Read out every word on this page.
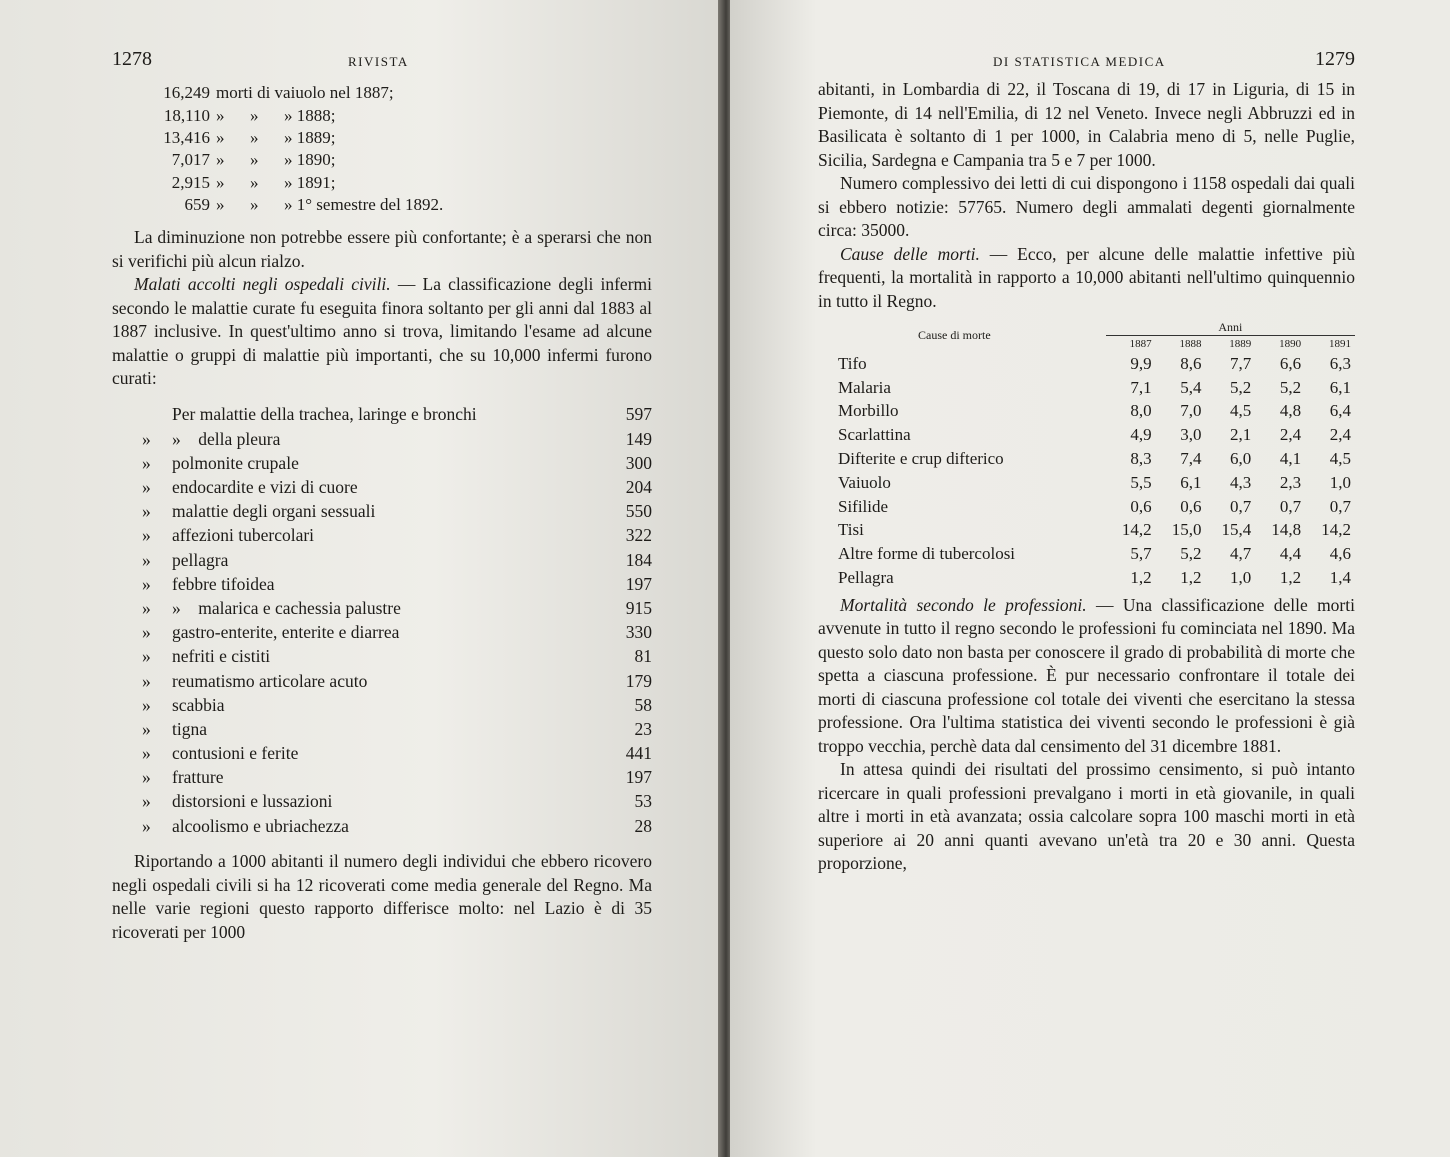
1278	RIVISTA
16,249	morti di vaiuolo nel 1887;
18,110	»      »      » 1888;
13,416	»      »      » 1889;
7,017	»      »      » 1890;
2,915	»      »      » 1891;
659	»      »      » 1° semestre del 1892.

La diminuzione non potrebbe essere più confortante; è a sperarsi che non si verifichi più alcun rialzo.

Malati accolti negli ospedali civili. — La classificazione degli infermi secondo le malattie curate fu eseguita finora soltanto per gli anni dal 1883 al 1887 inclusive. In quest'ultimo anno si trova, limitando l'esame ad alcune malattie o gruppi di malattie più importanti, che su 10,000 infermi furono curati:

	Per malattie della trachea, laringe e bronchi	597
»	»    della pleura	149
»	polmonite crupale	300
»	endocardite e vizi di cuore	204
»	malattie degli organi sessuali	550
»	affezioni tubercolari	322
»	pellagra	184
»	febbre tifoidea	197
»	»    malarica e cachessia palustre	915
»	gastro-enterite, enterite e diarrea	330
»	nefriti e cistiti	81
»	reumatismo articolare acuto	179
»	scabbia	58
»	tigna	23
»	contusioni e ferite	441
»	fratture	197
»	distorsioni e lussazioni	53
»	alcoolismo e ubriachezza	28

Riportando a 1000 abitanti il numero degli individui che ebbero ricovero negli ospedali civili si ha 12 ricoverati come media generale del Regno. Ma nelle varie regioni questo rapporto differisce molto: nel Lazio è di 35 ricoverati per 1000

DI STATISTICA MEDICA	1279

abitanti, in Lombardia di 22, il Toscana di 19, di 17 in Liguria, di 15 in Piemonte, di 14 nell'Emilia, di 12 nel Veneto. Invece negli Abbruzzi ed in Basilicata è soltanto di 1 per 1000, in Calabria meno di 5, nelle Puglie, Sicilia, Sardegna e Campania tra 5 e 7 per 1000.

Numero complessivo dei letti di cui dispongono i 1158 ospedali dai quali si ebbero notizie: 57765. Numero degli ammalati degenti giornalmente circa: 35000.

Cause delle morti. — Ecco, per alcune delle malattie infettive più frequenti, la mortalità in rapporto a 10,000 abitanti nell'ultimo quinquennio in tutto il Regno.

Cause di morte	Anni				
	1887	1888	1889	1890	1891
Tifo	9,9	8,6	7,7	6,6	6,3
Malaria	7,1	5,4	5,2	5,2	6,1
Morbillo	8,0	7,0	4,5	4,8	6,4
Scarlattina	4,9	3,0	2,1	2,4	2,4
Difterite e crup difterico	8,3	7,4	6,0	4,1	4,5
Vaiuolo	5,5	6,1	4,3	2,3	1,0
Sifilide	0,6	0,6	0,7	0,7	0,7
Tisi	14,2	15,0	15,4	14,8	14,2
Altre forme di tubercolosi	5,7	5,2	4,7	4,4	4,6
Pellagra	1,2	1,2	1,0	1,2	1,4

Mortalità secondo le professioni. — Una classificazione delle morti avvenute in tutto il regno secondo le professioni fu cominciata nel 1890. Ma questo solo dato non basta per conoscere il grado di probabilità di morte che spetta a ciascuna professione. È pur necessario confrontare il totale dei morti di ciascuna professione col totale dei viventi che esercitano la stessa professione. Ora l'ultima statistica dei viventi secondo le professioni è già troppo vecchia, perchè data dal censimento del 31 dicembre 1881.

In attesa quindi dei risultati del prossimo censimento, si può intanto ricercare in quali professioni prevalgano i morti in età giovanile, in quali altre i morti in età avanzata; ossia calcolare sopra 100 maschi morti in età superiore ai 20 anni quanti avevano un'età tra 20 e 30 anni. Questa proporzione,
